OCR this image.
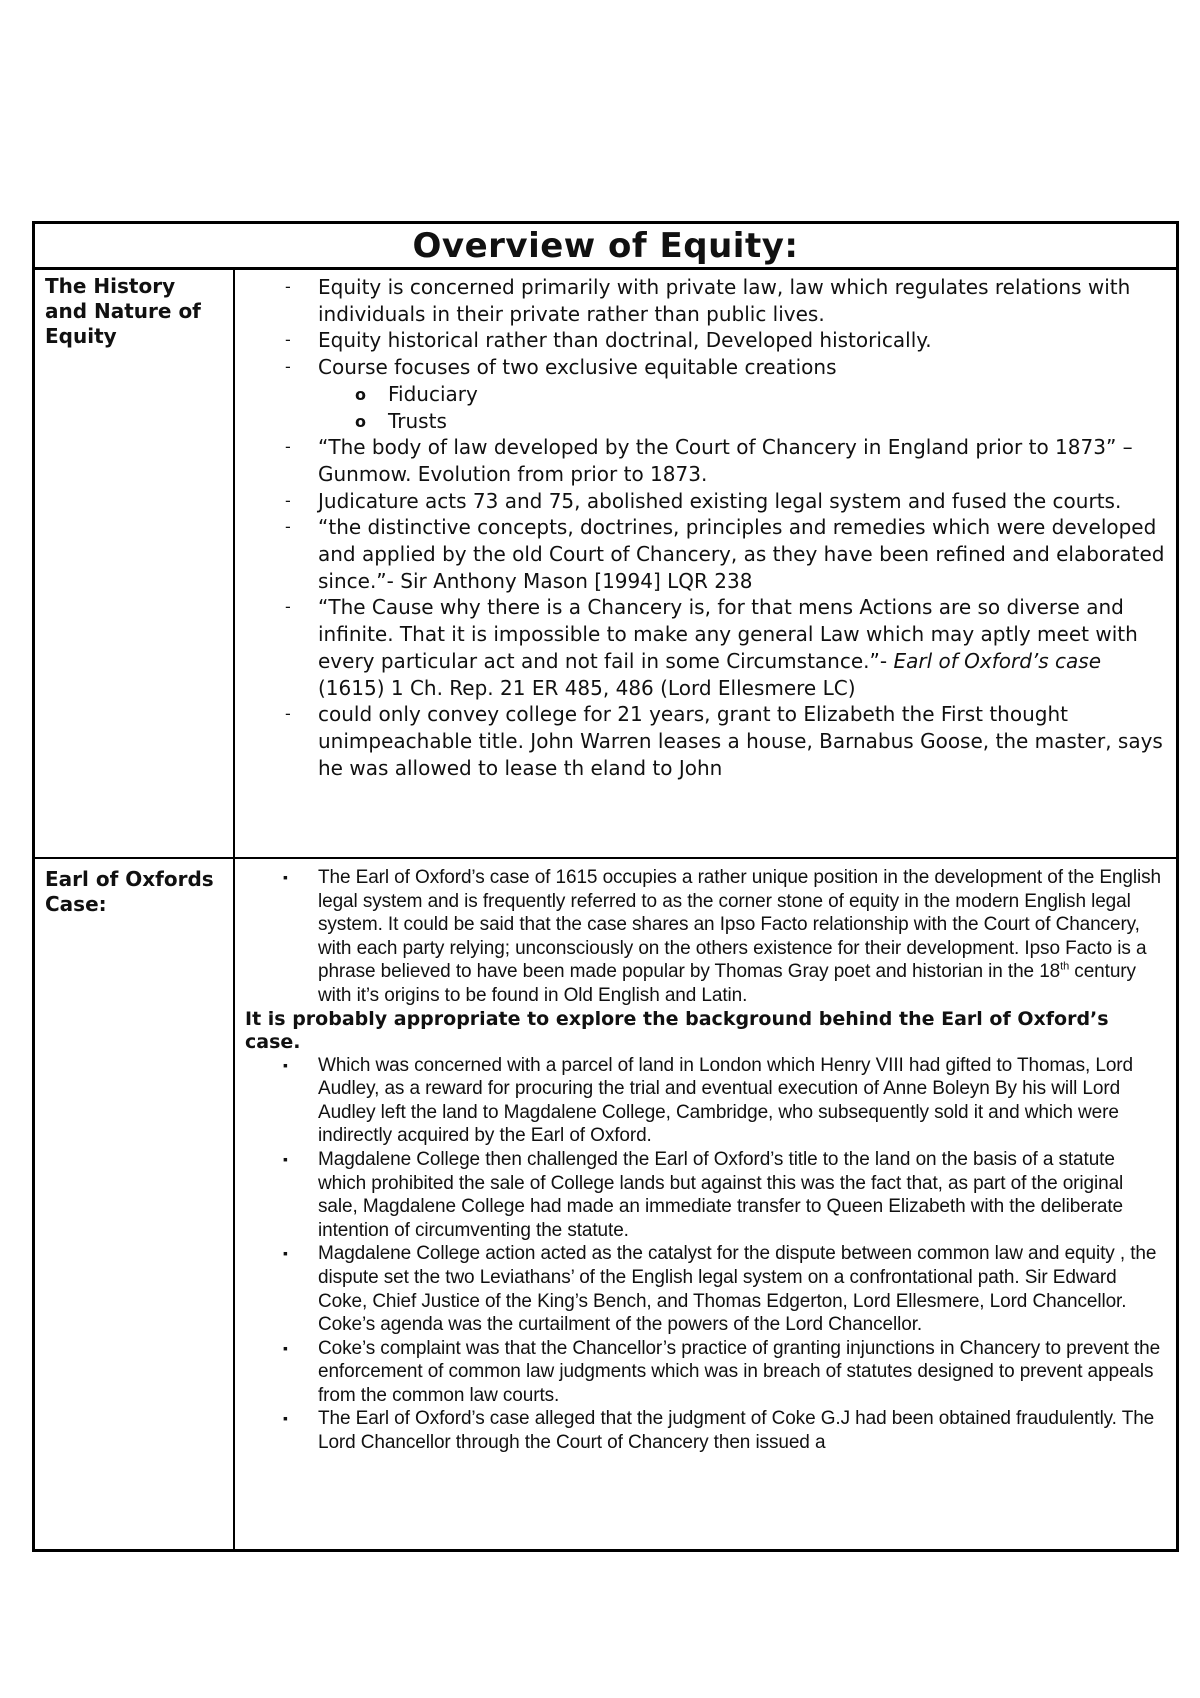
Overview of Equity:
The History and Nature of Equity
- Equity is concerned primarily with private law, law which regulates relations with individuals in their private rather than public lives.
- Equity historical rather than doctrinal, Developed historically.
- Course focuses of two exclusive equitable creations
o Fiduciary
o Trusts
- “The body of law developed by the Court of Chancery in England prior to 1873” – Gunmow. Evolution from prior to 1873.
- Judicature acts 73 and 75, abolished existing legal system and fused the courts.
- “the distinctive concepts, doctrines, principles and remedies which were developed and applied by the old Court of Chancery, as they have been refined and elaborated since.”- Sir Anthony Mason [1994] LQR 238
- “The Cause why there is a Chancery is, for that mens Actions are so diverse and infinite. That it is impossible to make any general Law which may aptly meet with every particular act and not fail in some Circumstance.”- Earl of Oxford’s case (1615) 1 Ch. Rep. 21 ER 485, 486 (Lord Ellesmere LC)
- could only convey college for 21 years, grant to Elizabeth the First thought unimpeachable title. John Warren leases a house, Barnabus Goose, the master, says he was allowed to lease th eland to John
Earl of Oxfords Case:
▪ The Earl of Oxford’s case of 1615 occupies a rather unique position in the development of the English legal system and is frequently referred to as the corner stone of equity in the modern English legal system. It could be said that the case shares an Ipso Facto relationship with the Court of Chancery, with each party relying; unconsciously on the others existence for their development. Ipso Facto is a phrase believed to have been made popular by Thomas Gray poet and historian in the 18th century with it’s origins to be found in Old English and Latin.
It is probably appropriate to explore the background behind the Earl of Oxford’s case.
▪ Which was concerned with a parcel of land in London which Henry VIII had gifted to Thomas, Lord Audley, as a reward for procuring the trial and eventual execution of Anne Boleyn By his will Lord Audley left the land to Magdalene College, Cambridge, who subsequently sold it and which were indirectly acquired by the Earl of Oxford.
▪ Magdalene College then challenged the Earl of Oxford’s title to the land on the basis of a statute which prohibited the sale of College lands but against this was the fact that, as part of the original sale, Magdalene College had made an immediate transfer to Queen Elizabeth with the deliberate intention of circumventing the statute.
▪ Magdalene College action acted as the catalyst for the dispute between common law and equity , the dispute set the two Leviathans’ of the English legal system on a confrontational path. Sir Edward Coke, Chief Justice of the King’s Bench, and Thomas Edgerton, Lord Ellesmere, Lord Chancellor. Coke’s agenda was the curtailment of the powers of the Lord Chancellor.
▪ Coke’s complaint was that the Chancellor’s practice of granting injunctions in Chancery to prevent the enforcement of common law judgments which was in breach of statutes designed to prevent appeals from the common law courts.
▪ The Earl of Oxford’s case alleged that the judgment of Coke G.J had been obtained fraudulently. The Lord Chancellor through the Court of Chancery then issued a
